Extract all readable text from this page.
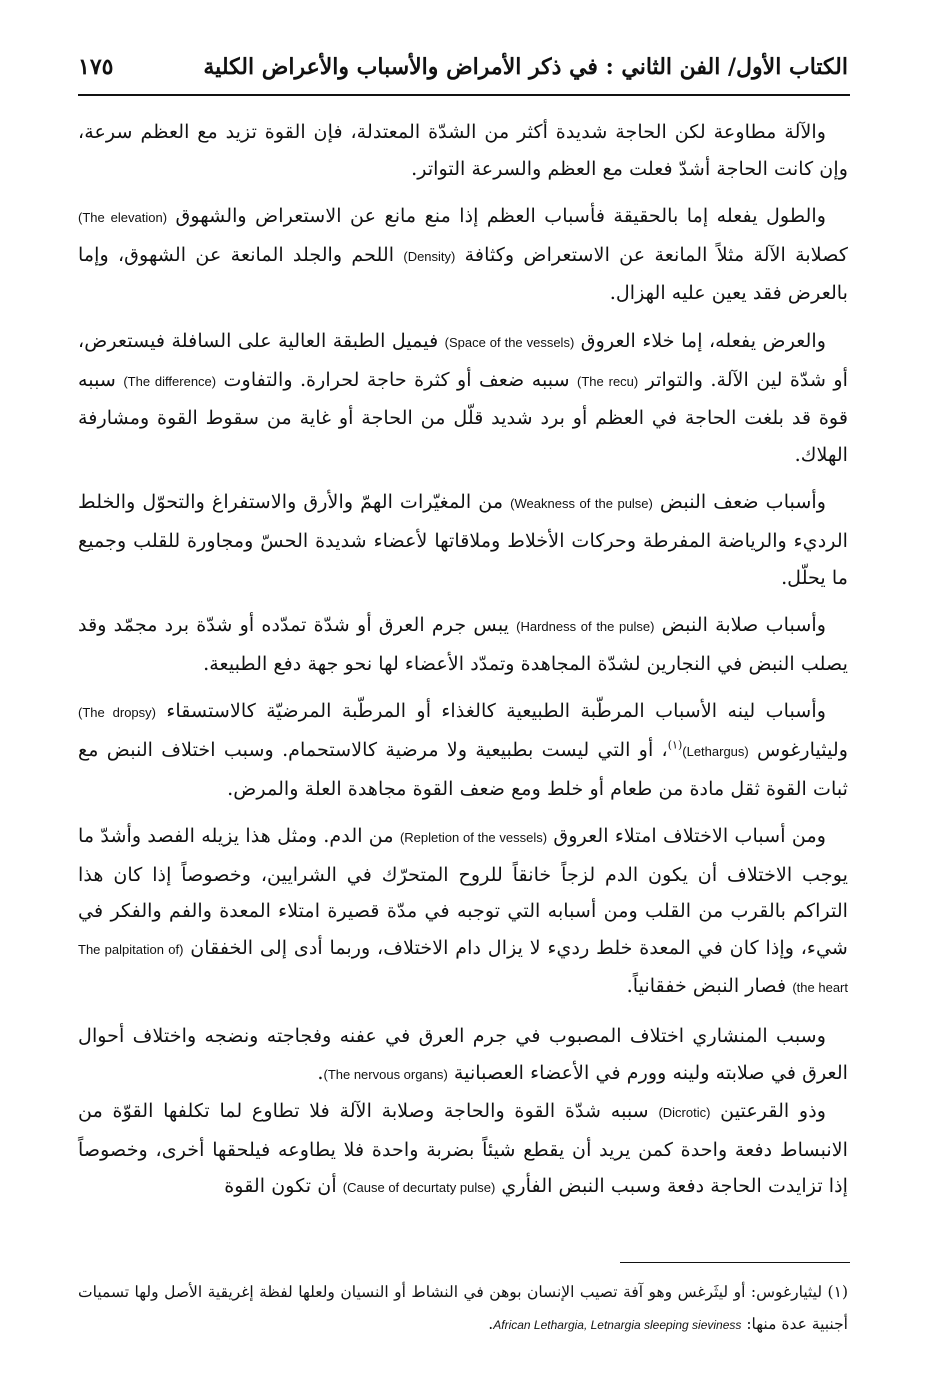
الكتاب الأول/ الفن الثاني : في ذكر الأمراض والأسباب والأعراض الكلية
١٧٥

والآلة مطاوعة لكن الحاجة شديدة أكثر من الشدّة المعتدلة، فإن القوة تزيد مع العظم سرعة، وإن كانت الحاجة أشدّ فعلت مع العظم والسرعة التواتر.

والطول يفعله إما بالحقيقة فأسباب العظم إذا منع مانع عن الاستعراض والشهوق (The elevation) كصلابة الآلة مثلاً المانعة عن الاستعراض وكثافة (Density) اللحم والجلد المانعة عن الشهوق، وإما بالعرض فقد يعين عليه الهزال.

والعرض يفعله، إما خلاء العروق (Space of the vessels) فيميل الطبقة العالية على السافلة فيستعرض، أو شدّة لين الآلة. والتواتر (The recu) سببه ضعف أو كثرة حاجة لحرارة. والتفاوت (The difference) سببه قوة قد بلغت الحاجة في العظم أو برد شديد قلّل من الحاجة أو غاية من سقوط القوة ومشارفة الهلاك.

وأسباب ضعف النبض (Weakness of the pulse) من المغيّرات الهمّ والأرق والاستفراغ والتحوّل والخلط الرديء والرياضة المفرطة وحركات الأخلاط وملاقاتها لأعضاء شديدة الحسّ ومجاورة للقلب وجميع ما يحلّل.

وأسباب صلابة النبض (Hardness of the pulse) يبس جرم العرق أو شدّة تمدّده أو شدّة برد مجمّد وقد يصلب النبض في النجارين لشدّة المجاهدة وتمدّد الأعضاء لها نحو جهة دفع الطبيعة.

وأسباب لينه الأسباب المرطّبة الطبيعية كالغذاء أو المرطّبة المرضيّة كالاستسقاء (The dropsy) وليثيارغوس (Lethargus)$^{(١)}$، أو التي ليست بطبيعية ولا مرضية كالاستحمام. وسبب اختلاف النبض مع ثبات القوة ثقل مادة من طعام أو خلط ومع ضعف القوة مجاهدة العلة والمرض.

ومن أسباب الاختلاف امتلاء العروق (Repletion of the vessels) من الدم. ومثل هذا يزيله الفصد وأشدّ ما يوجب الاختلاف أن يكون الدم لزجاً خانقاً للروح المتحرّك في الشرايين، وخصوصاً إذا كان هذا التراكم بالقرب من القلب ومن أسبابه التي توجبه في مدّة قصيرة امتلاء المعدة والفم والفكر في شيء، وإذا كان في المعدة خلط رديء لا يزال دام الاختلاف، وربما أدى إلى الخفقان (The palpitation of the heart) فصار النبض خفقانياً.

وسبب المنشاري اختلاف المصبوب في جرم العرق في عفنه وفجاجته ونضجه واختلاف أحوال العرق في صلابته ولينه وورم في الأعضاء العصبانية (The nervous organs).

وذو القرعتين (Dicrotic) سببه شدّة القوة والحاجة وصلابة الآلة فلا تطاوع لما تكلفها القوّة من الانبساط دفعة واحدة كمن يريد أن يقطع شيئاً بضربة واحدة فلا يطاوعه فيلحقها أخرى، وخصوصاً إذا تزايدت الحاجة دفعة وسبب النبض الفأري (Cause of decurtaty pulse) أن تكون القوة

(١) ليثيارغوس: أو ليثَرغس وهو آفة تصيب الإنسان بوهن في النشاط أو النسيان ولعلها لفظة إغريقية الأصل ولها تسميات أجنبية عدة منها: African Lethargia, Letnargia sleeping sieviness.
